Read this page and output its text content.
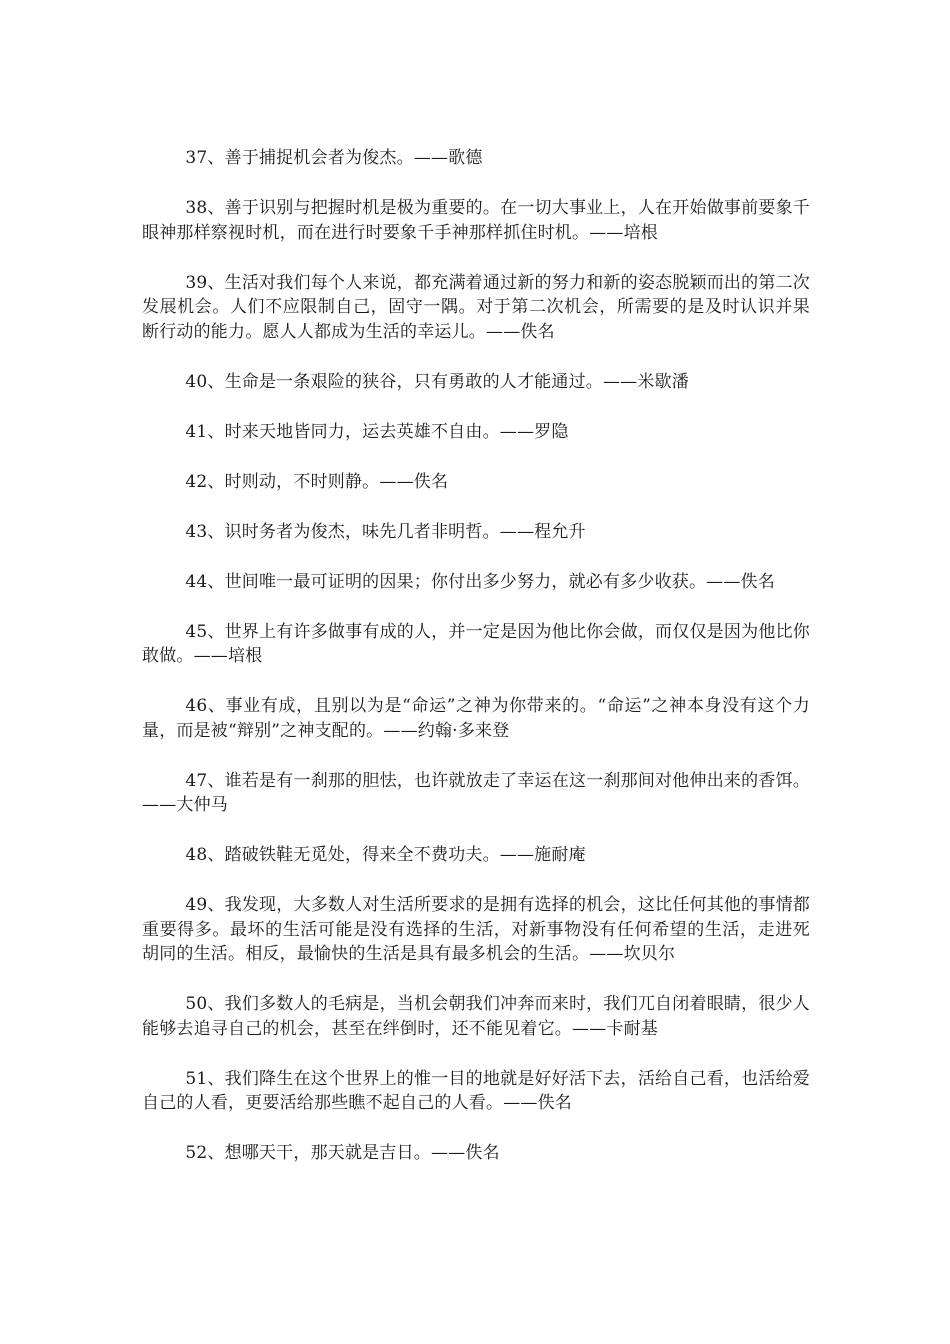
37、善于捕捉机会者为俊杰。——歌德

38、善于识别与把握时机是极为重要的。在一切大事业上，人在开始做事前要象千眼神那样察视时机，而在进行时要象千手神那样抓住时机。——培根

39、生活对我们每个人来说，都充满着通过新的努力和新的姿态脱颖而出的第二次发展机会。人们不应限制自己，固守一隅。对于第二次机会，所需要的是及时认识并果断行动的能力。愿人人都成为生活的幸运儿。——佚名

40、生命是一条艰险的狭谷，只有勇敢的人才能通过。——米歇潘

41、时来天地皆同力，运去英雄不自由。——罗隐

42、时则动，不时则静。——佚名

43、识时务者为俊杰，味先几者非明哲。——程允升

44、世间唯一最可证明的因果；你付出多少努力，就必有多少收获。——佚名

45、世界上有许多做事有成的人，并一定是因为他比你会做，而仅仅是因为他比你敢做。——培根

46、事业有成，且别以为是“命运”之神为你带来的。“命运”之神本身没有这个力量，而是被“辩别”之神支配的。——约翰·多来登

47、谁若是有一刹那的胆怯，也许就放走了幸运在这一刹那间对他伸出来的香饵。——大仲马

48、踏破铁鞋无觅处，得来全不费功夫。——施耐庵

49、我发现，大多数人对生活所要求的是拥有选择的机会，这比任何其他的事情都重要得多。最坏的生活可能是没有选择的生活，对新事物没有任何希望的生活，走进死胡同的生活。相反，最愉快的生活是具有最多机会的生活。——坎贝尔

50、我们多数人的毛病是，当机会朝我们冲奔而来时，我们兀自闭着眼睛，很少人能够去追寻自己的机会，甚至在绊倒时，还不能见着它。——卡耐基

51、我们降生在这个世界上的惟一目的地就是好好活下去，活给自己看，也活给爱自己的人看，更要活给那些瞧不起自己的人看。——佚名

52、想哪天干，那天就是吉日。——佚名
